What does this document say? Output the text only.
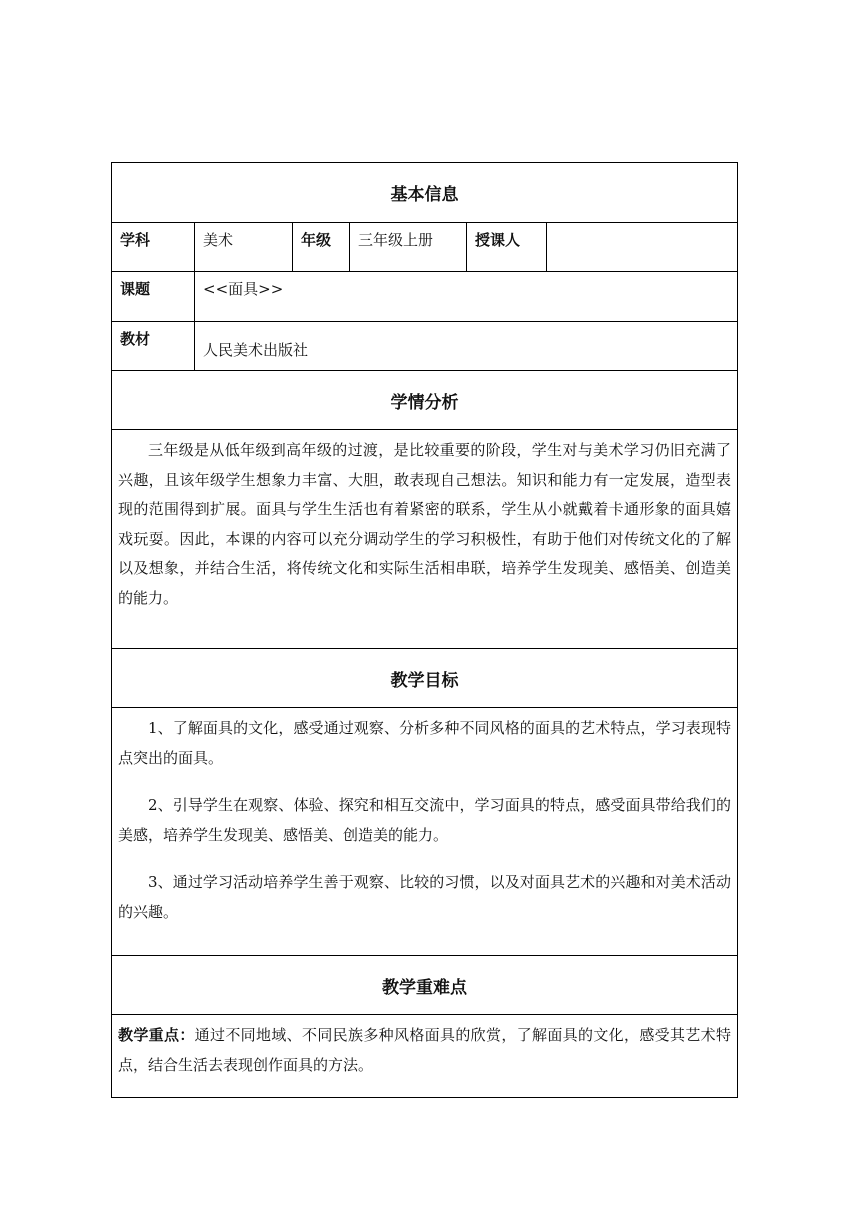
基本信息					
学科	美术	年级	三年级上册	授课人	
课题	<<面具>>				
教材	人民美术出版社				
学情分析					

三年级是从低年级到高年级的过渡，是比较重要的阶段，学生对与美术学习仍旧充满了兴趣，且该年级学生想象力丰富、大胆，敢表现自己想法。知识和能力有一定发展，造型表现的范围得到扩展。面具与学生生活也有着紧密的联系，学生从小就戴着卡通形象的面具嬉戏玩耍。因此，本课的内容可以充分调动学生的学习积极性，有助于他们对传统文化的了解以及想象，并结合生活，将传统文化和实际生活相串联，培养学生发现美、感悟美、创造美的能力。					

教学目标					

1、了解面具的文化，感受通过观察、分析多种不同风格的面具的艺术特点，学习表现特点突出的面具。

2、引导学生在观察、体验、探究和相互交流中，学习面具的特点，感受面具带给我们的美感，培养学生发现美、感悟美、创造美的能力。

3、通过学习活动培养学生善于观察、比较的习惯，以及对面具艺术的兴趣和对美术活动的兴趣。					

教学重难点					

教学重点：通过不同地域、不同民族多种风格面具的欣赏，了解面具的文化，感受其艺术特点，结合生活去表现创作面具的方法。					
